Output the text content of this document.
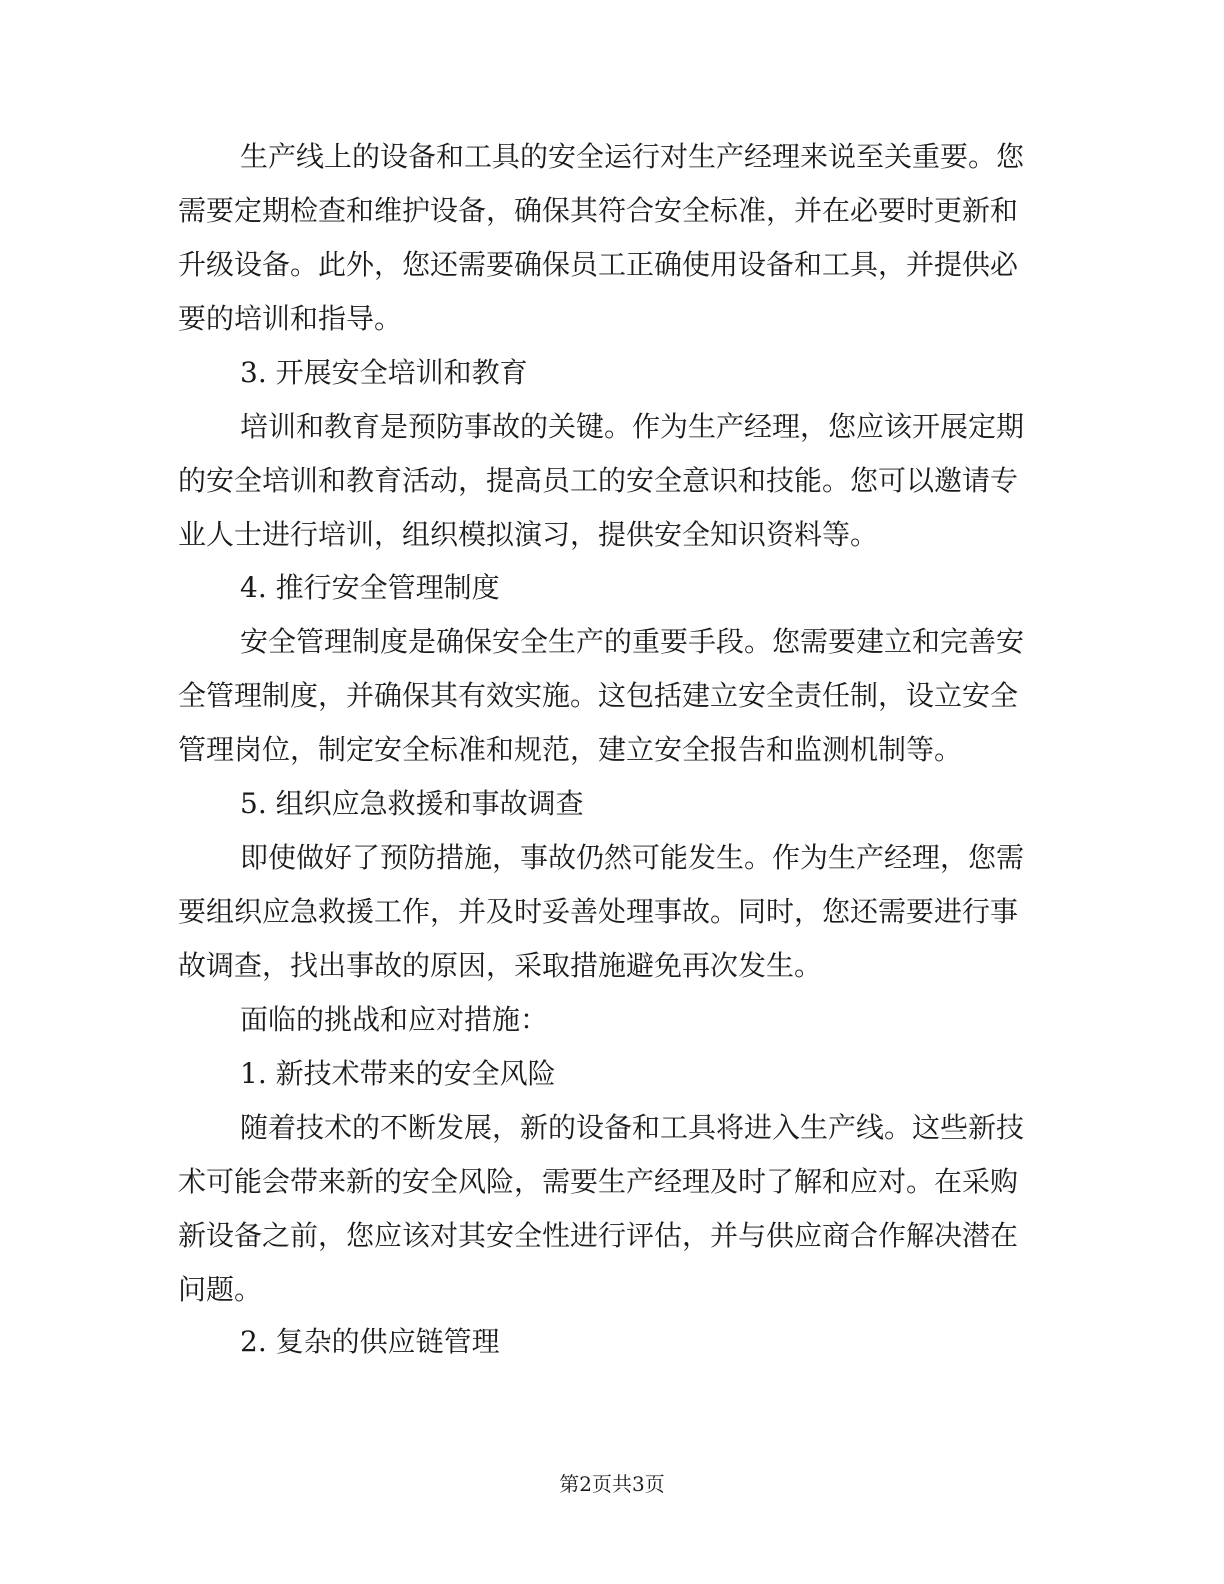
生产线上的设备和工具的安全运行对生产经理来说至关重要。您

需要定期检查和维护设备，确保其符合安全标准，并在必要时更新和

升级设备。此外，您还需要确保员工正确使用设备和工具，并提供必

要的培训和指导。

3. 开展安全培训和教育

培训和教育是预防事故的关键。作为生产经理，您应该开展定期

的安全培训和教育活动，提高员工的安全意识和技能。您可以邀请专

业人士进行培训，组织模拟演习，提供安全知识资料等。

4. 推行安全管理制度

安全管理制度是确保安全生产的重要手段。您需要建立和完善安

全管理制度，并确保其有效实施。这包括建立安全责任制，设立安全

管理岗位，制定安全标准和规范，建立安全报告和监测机制等。

5. 组织应急救援和事故调查

即使做好了预防措施，事故仍然可能发生。作为生产经理，您需

要组织应急救援工作，并及时妥善处理事故。同时，您还需要进行事

故调查，找出事故的原因，采取措施避免再次发生。

面临的挑战和应对措施：

1. 新技术带来的安全风险

随着技术的不断发展，新的设备和工具将进入生产线。这些新技

术可能会带来新的安全风险，需要生产经理及时了解和应对。在采购

新设备之前，您应该对其安全性进行评估，并与供应商合作解决潜在

问题。

2. 复杂的供应链管理

第2页共3页
